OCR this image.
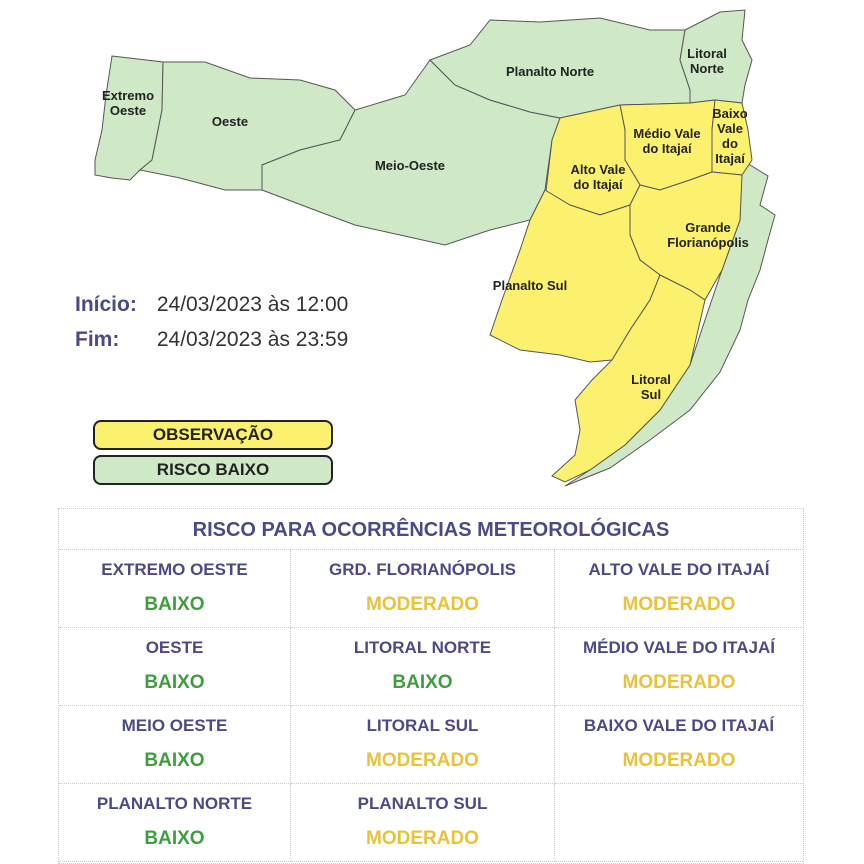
Extremo Oeste
Oeste
Meio-Oeste
Planalto Norte
Litoral Norte
Médio Vale do Itajaí
Baixo Vale do Itajaí
Alto Vale do Itajaí
Grande Florianópolis
Planalto Sul
Litoral Sul
Início: 24/03/2023 às 12:00
Fim: 24/03/2023 às 23:59
OBSERVAÇÃO
RISCO BAIXO
RISCO PARA OCORRÊNCIAS METEOROLÓGICAS
EXTREMO OESTE
BAIXO
GRD. FLORIANÓPOLIS
MODERADO
ALTO VALE DO ITAJAÍ
MODERADO
OESTE
BAIXO
LITORAL NORTE
BAIXO
MÉDIO VALE DO ITAJAÍ
MODERADO
MEIO OESTE
BAIXO
LITORAL SUL
MODERADO
BAIXO VALE DO ITAJAÍ
MODERADO
PLANALTO NORTE
BAIXO
PLANALTO SUL
MODERADO
